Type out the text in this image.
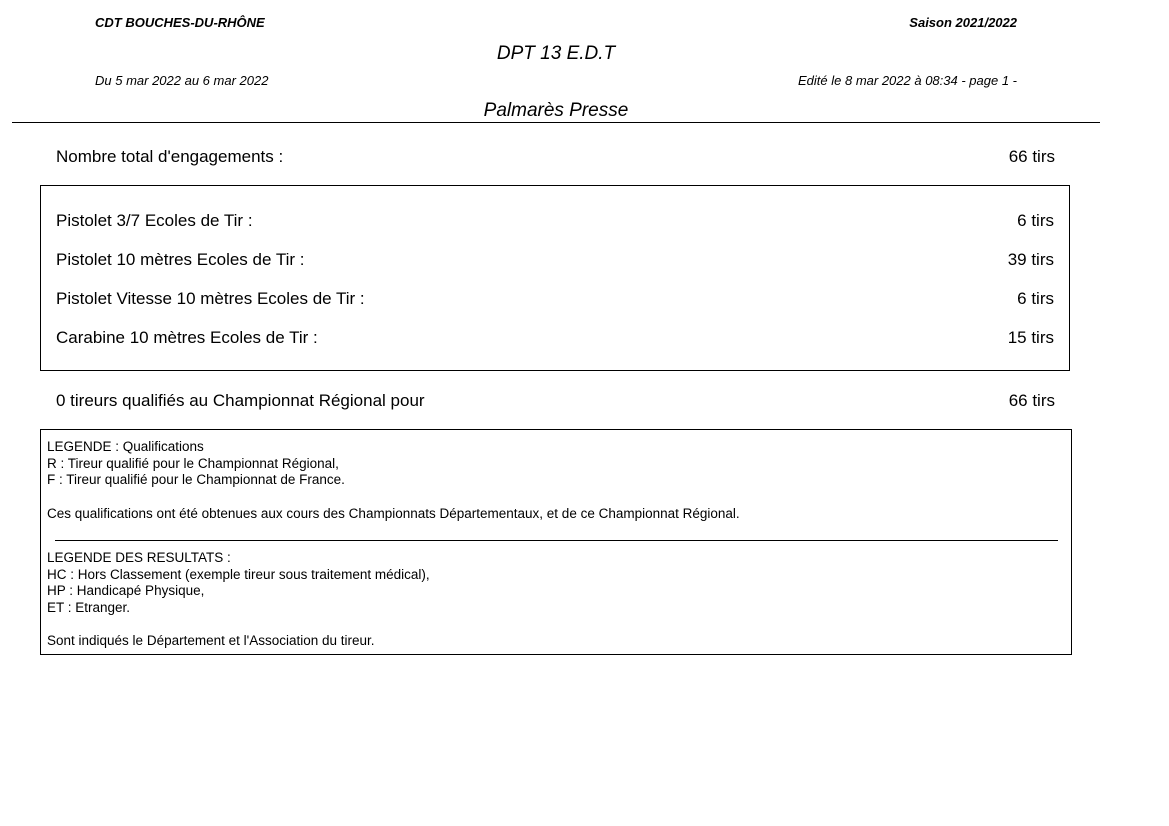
CDT BOUCHES-DU-RHÔNE	Saison 2021/2022
DPT 13 E.D.T
Du 5 mar 2022 au 6 mar 2022	Edité le 8 mar 2022 à 08:34 - page 1 -
Palmarès Presse
Nombre total d'engagements :	66 tirs
Pistolet 3/7 Ecoles de Tir :	6 tirs
Pistolet 10 mètres Ecoles de Tir :	39 tirs
Pistolet Vitesse 10 mètres Ecoles de Tir :	6 tirs
Carabine 10 mètres Ecoles de Tir :	15 tirs
0 tireurs qualifiés au Championnat Régional pour	66 tirs
LEGENDE : Qualifications
R : Tireur qualifié pour le Championnat Régional,
F : Tireur qualifié pour le Championnat de France.
Ces qualifications ont été obtenues aux cours des Championnats Départementaux, et de ce Championnat Régional.
LEGENDE DES RESULTATS :
HC : Hors Classement (exemple tireur sous traitement médical),
HP : Handicapé Physique,
ET : Etranger.
Sont indiqués le Département et l'Association du tireur.
